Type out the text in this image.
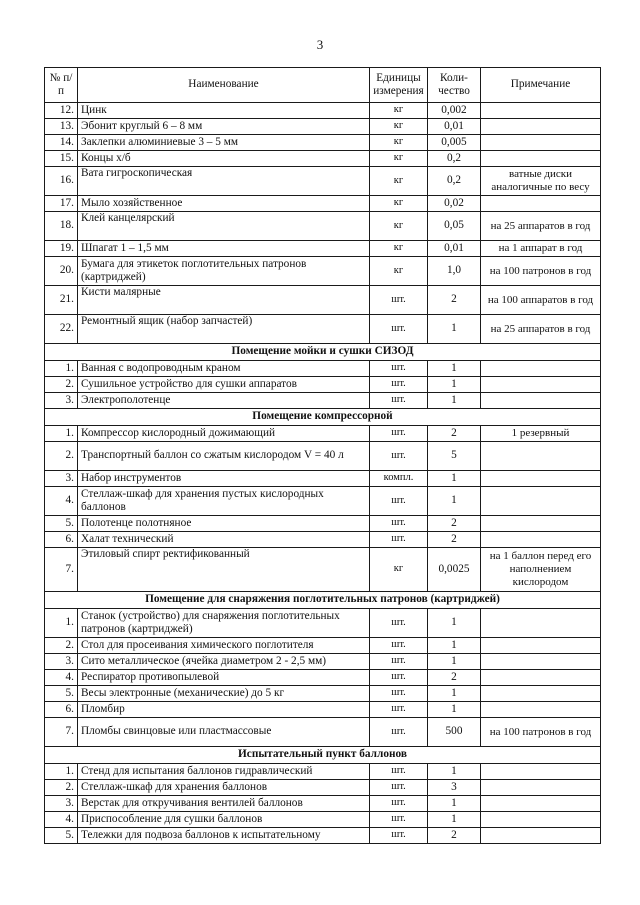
3
№ п/п	Наименование	Единицы измерения	Коли- чество	Примечание
12.	Цинк	кг	0,002	
13.	Эбонит круглый 6 – 8 мм	кг	0,01	
14.	Заклепки алюминиевые 3 – 5 мм	кг	0,005	
15.	Концы х/б	кг	0,2	
16.	Вата гигроскопическая	кг	0,2	ватные диски аналогичные по весу
17.	Мыло хозяйственное	кг	0,02	
18.	Клей канцелярский	кг	0,05	на 25 аппаратов в год
19.	Шпагат 1 – 1,5 мм	кг	0,01	на 1 аппарат в год
20.	Бумага для этикеток поглотительных патронов (картриджей)	кг	1,0	на 100 патронов в год
21.	Кисти малярные	шт.	2	на 100 аппаратов в год
22.	Ремонтный ящик (набор запчастей)	шт.	1	на 25 аппаратов в год
Помещение мойки и сушки СИЗОД				
1.	Ванная с водопроводным краном	шт.	1	
2.	Сушильное устройство для сушки аппаратов	шт.	1	
3.	Электрополотенце	шт.	1	
Помещение компрессорной				
1.	Компрессор кислородный дожимающий	шт.	2	1 резервный
2.	Транспортный баллон со сжатым кислородом V = 40 л	шт.	5	
3.	Набор инструментов	компл.	1	
4.	Стеллаж-шкаф для хранения пустых кислородных баллонов	шт.	1	
5.	Полотенце полотняное	шт.	2	
6.	Халат технический	шт.	2	
7.	Этиловый спирт ректификованный	кг	0,0025	на 1 баллон перед его наполнением кислородом
Помещение для снаряжения поглотительных патронов (картриджей)				
1.	Станок (устройство) для снаряжения поглотительных патронов (картриджей)	шт.	1	
2.	Стол для просеивания химического поглотителя	шт.	1	
3.	Сито металлическое (ячейка диаметром 2 - 2,5 мм)	шт.	1	
4.	Респиратор противопылевой	шт.	2	
5.	Весы электронные (механические) до 5 кг	шт.	1	
6.	Пломбир	шт.	1	
7.	Пломбы свинцовые или пластмассовые	шт.	500	на 100 патронов в год
Испытательный пункт баллонов				
1.	Стенд для испытания баллонов гидравлический	шт.	1	
2.	Стеллаж-шкаф для хранения баллонов	шт.	3	
3.	Верстак для откручивания вентилей баллонов	шт.	1	
4.	Приспособление для сушки баллонов	шт.	1	
5.	Тележки для подвоза баллонов к испытательному	шт.	2	
